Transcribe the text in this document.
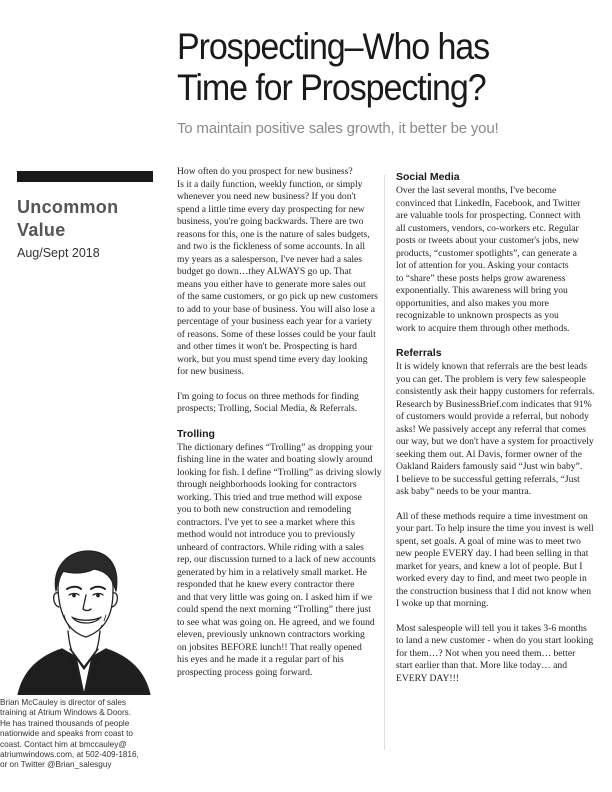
Prospecting–Who has
Time for Prospecting?
To maintain positive sales growth, it better be you!
Uncommon
Value
Aug/Sept 2018
Brian McCauley is director of sales
training at Atrium Windows & Doors.
He has trained thousands of people
nationwide and speaks from coast to
coast. Contact him at bmccauley@
atriumwindows.com, at 502-409-1816,
or on Twitter @Brian_salesguy
How often do you prospect for new business?
Is it a daily function, weekly function, or simply
whenever you need new business? If you don't
spend a little time every day prospecting for new
business, you're going backwards. There are two
reasons for this, one is the nature of sales budgets,
and two is the fickleness of some accounts. In all
my years as a salesperson, I've never had a sales
budget go down…they ALWAYS go up. That
means you either have to generate more sales out
of the same customers, or go pick up new customers
to add to your base of business. You will also lose a
percentage of your business each year for a variety
of reasons. Some of these losses could be your fault
and other times it won't be. Prospecting is hard
work, but you must spend time every day looking
for new business.
I'm going to focus on three methods for finding
prospects; Trolling, Social Media, & Referrals.
Trolling
The dictionary defines “Trolling” as dropping your
fishing line in the water and boating slowly around
looking for fish. I define “Trolling” as driving slowly
through neighborhoods looking for contractors
working. This tried and true method will expose
you to both new construction and remodeling
contractors. I've yet to see a market where this
method would not introduce you to previously
unheard of contractors. While riding with a sales
rep, our discussion turned to a lack of new accounts
generated by him in a relatively small market. He
responded that he knew every contractor there
and that very little was going on. I asked him if we
could spend the next morning “Trolling” there just
to see what was going on. He agreed, and we found
eleven, previously unknown contractors working
on jobsites BEFORE lunch!! That really opened
his eyes and he made it a regular part of his
prospecting process going forward.
Social Media
Over the last several months, I've become
convinced that LinkedIn, Facebook, and Twitter
are valuable tools for prospecting. Connect with
all customers, vendors, co-workers etc. Regular
posts or tweets about your customer's jobs, new
products, “customer spotlights”, can generate a
lot of attention for you. Asking your contacts
to “share” these posts helps grow awareness
exponentially. This awareness will bring you
opportunities, and also makes you more
recognizable to unknown prospects as you
work to acquire them through other methods.
Referrals
It is widely known that referrals are the best leads
you can get. The problem is very few salespeople
consistently ask their happy customers for referrals.
Research by BusinessBrief.com indicates that 91%
of customers would provide a referral, but nobody
asks! We passively accept any referral that comes
our way, but we don't have a system for proactively
seeking them out. Al Davis, former owner of the
Oakland Raiders famously said “Just win baby”.
I believe to be successful getting referrals, “Just
ask baby” needs to be your mantra.
All of these methods require a time investment on
your part. To help insure the time you invest is well
spent, set goals. A goal of mine was to meet two
new people EVERY day. I had been selling in that
market for years, and knew a lot of people. But I
worked every day to find, and meet two people in
the construction business that I did not know when
I woke up that morning.
Most salespeople will tell you it takes 3-6 months
to land a new customer - when do you start looking
for them…? Not when you need them… better
start earlier than that. More like today… and
EVERY DAY!!!
